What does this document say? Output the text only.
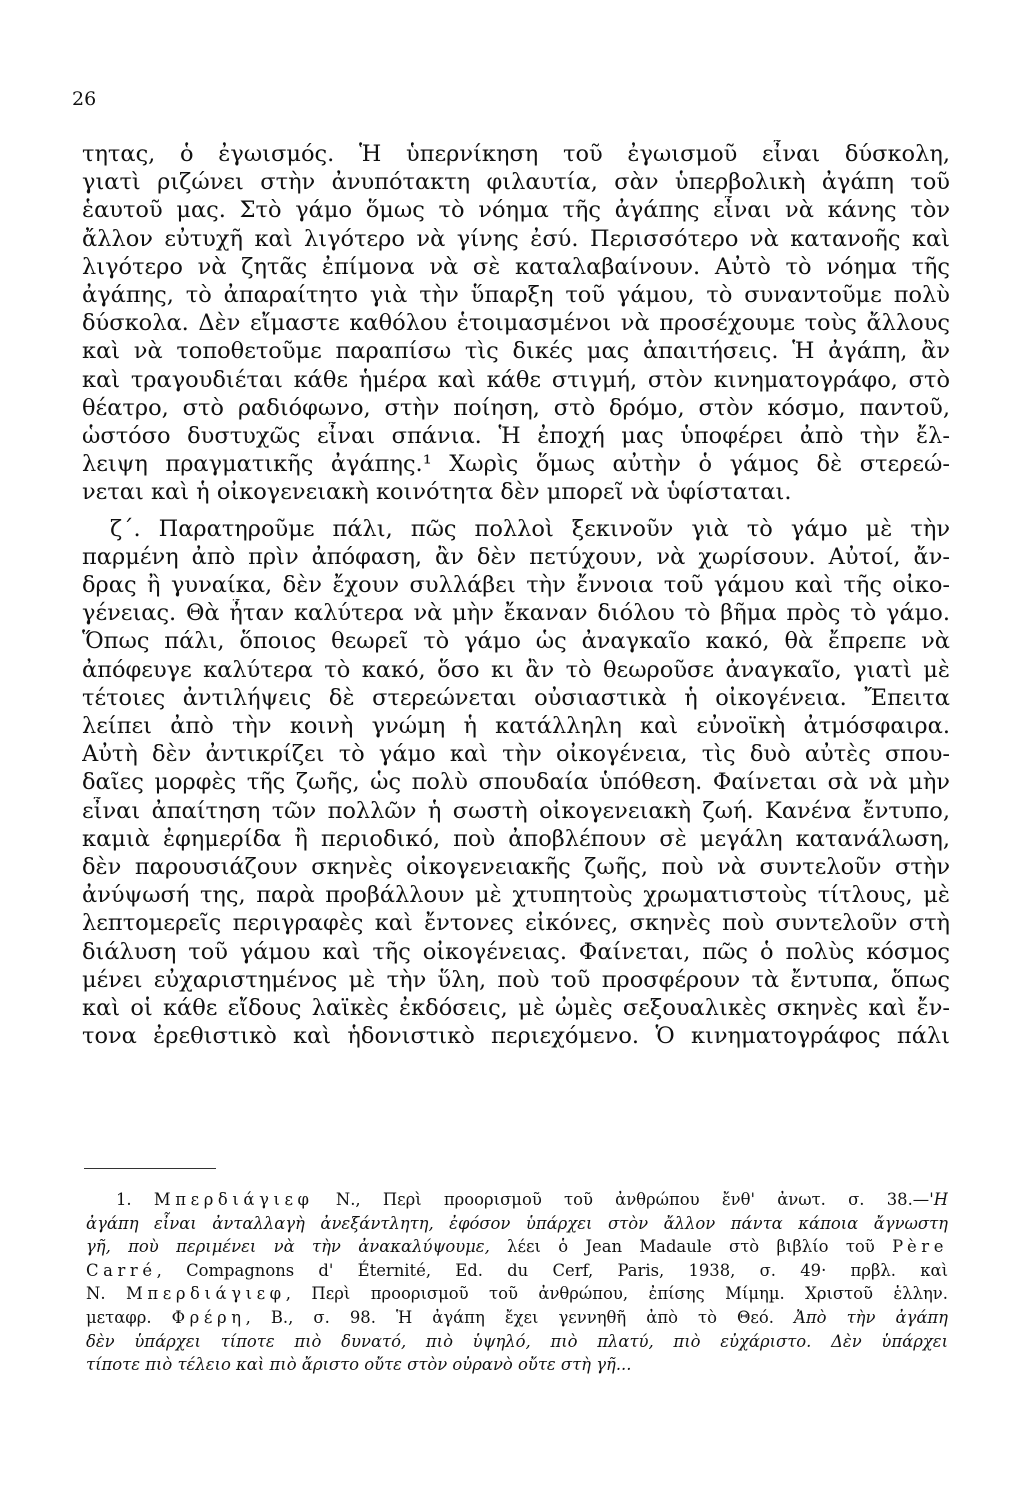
26
τητας, ὁ ἐγωισμός. Ἡ ὑπερνίκηση τοῦ ἐγωισμοῦ εἶναι δύσκολη,
γιατὶ ριζώνει στὴν ἀνυπότακτη φιλαυτία, σὰν ὑπερβολικὴ ἀγάπη τοῦ
ἑαυτοῦ μας. Στὸ γάμο ὅμως τὸ νόημα τῆς ἀγάπης εἶναι νὰ κάνης τὸν
ἄλλον εὐτυχῆ καὶ λιγότερο νὰ γίνης ἐσύ. Περισσότερο νὰ κατανοῆς καὶ
λιγότερο νὰ ζητᾶς ἐπίμονα νὰ σὲ καταλαβαίνουν. Αὐτὸ τὸ νόημα τῆς
ἀγάπης, τὸ ἀπαραίτητο γιὰ τὴν ὕπαρξη τοῦ γάμου, τὸ συναντοῦμε πολὺ
δύσκολα. Δὲν εἴμαστε καθόλου ἑτοιμασμένοι νὰ προσέχουμε τοὺς ἄλλους
καὶ νὰ τοποθετοῦμε παραπίσω τὶς δικές μας ἀπαιτήσεις. Ἡ ἀγάπη, ἂν
καὶ τραγουδιέται κάθε ἡμέρα καὶ κάθε στιγμή, στὸν κινηματογράφο, στὸ
θέατρο, στὸ ραδιόφωνο, στὴν ποίηση, στὸ δρόμο, στὸν κόσμο, παντοῦ,
ὡστόσο δυστυχῶς εἶναι σπάνια. Ἡ ἐποχή μας ὑποφέρει ἀπὸ τὴν ἔλ-
λειψη πραγματικῆς ἀγάπης.¹ Χωρὶς ὅμως αὐτὴν ὁ γάμος δὲ στερεώ-
νεται καὶ ἡ οἰκογενειακὴ κοινότητα δὲν μπορεῖ νὰ ὑφίσταται.
ζ΄. Παρατηροῦμε πάλι, πῶς πολλοὶ ξεκινοῦν γιὰ τὸ γάμο μὲ τὴν
παρμένη ἀπὸ πρὶν ἀπόφαση, ἂν δὲν πετύχουν, νὰ χωρίσουν. Αὐτοί, ἄν-
δρας ἢ γυναίκα, δὲν ἔχουν συλλάβει τὴν ἔννοια τοῦ γάμου καὶ τῆς οἰκο-
γένειας. Θὰ ἦταν καλύτερα νὰ μὴν ἔκαναν διόλου τὸ βῆμα πρὸς τὸ γάμο.
Ὅπως πάλι, ὅποιος θεωρεῖ τὸ γάμο ὡς ἀναγκαῖο κακό, θὰ ἔπρεπε νὰ
ἀπόφευγε καλύτερα τὸ κακό, ὅσο κι ἂν τὸ θεωροῦσε ἀναγκαῖο, γιατὶ μὲ
τέτοιες ἀντιλήψεις δὲ στερεώνεται οὐσιαστικὰ ἡ οἰκογένεια. Ἔπειτα
λείπει ἀπὸ τὴν κοινὴ γνώμη ἡ κατάλληλη καὶ εὐνοϊκὴ ἀτμόσφαιρα.
Αὐτὴ δὲν ἀντικρίζει τὸ γάμο καὶ τὴν οἰκογένεια, τὶς δυὸ αὐτὲς σπου-
δαῖες μορφὲς τῆς ζωῆς, ὡς πολὺ σπουδαία ὑπόθεση. Φαίνεται σὰ νὰ μὴν
εἶναι ἀπαίτηση τῶν πολλῶν ἡ σωστὴ οἰκογενειακὴ ζωή. Κανένα ἔντυπο,
καμιὰ ἐφημερίδα ἢ περιοδικό, ποὺ ἀποβλέπουν σὲ μεγάλη κατανάλωση,
δὲν παρουσιάζουν σκηνὲς οἰκογενειακῆς ζωῆς, ποὺ νὰ συντελοῦν στὴν
ἀνύψωσή της, παρὰ προβάλλουν μὲ χτυπητοὺς χρωματιστοὺς τίτλους, μὲ
λεπτομερεῖς περιγραφὲς καὶ ἔντονες εἰκόνες, σκηνὲς ποὺ συντελοῦν στὴ
διάλυση τοῦ γάμου καὶ τῆς οἰκογένειας. Φαίνεται, πῶς ὁ πολὺς κόσμος
μένει εὐχαριστημένος μὲ τὴν ὕλη, ποὺ τοῦ προσφέρουν τὰ ἔντυπα, ὅπως
καὶ οἱ κάθε εἴδους λαϊκὲς ἐκδόσεις, μὲ ὠμὲς σεξουαλικὲς σκηνὲς καὶ ἔν-
τονα ἐρεθιστικὸ καὶ ἡδονιστικὸ περιεχόμενο. Ὁ κινηματογράφος πάλι
1. Μπερδιάγιεφ Ν., Περὶ προορισμοῦ τοῦ ἀνθρώπου ἔνθ' ἀνωτ. σ. 38.—'Η
ἀγάπη εἶναι ἀνταλλαγὴ ἀνεξάντλητη, ἐφόσον ὑπάρχει στὸν ἄλλον πάντα κάποια ἄγνωστη
γῆ, ποὺ περιμένει νὰ τὴν ἀνακαλύψουμε, λέει ὁ Jean Madaule στὸ βιβλίο τοῦ Père
Carré, Compagnons d' Éternité, Ed. du Cerf, Paris, 1938, σ. 49· πρβλ. καὶ
Ν. Μπερδιάγιεφ, Περὶ προορισμοῦ τοῦ ἀνθρώπου, ἐπίσης Μίμηµ. Χριστοῦ ἑλλην.
μεταφρ. Φρέρη, Β., σ. 98. Ἡ ἀγάπη ἔχει γεννηθῆ ἀπὸ τὸ Θεό. Ἀπὸ τὴν ἀγάπη
δὲν ὑπάρχει τίποτε πιὸ δυνατό, πιὸ ὑψηλό, πιὸ πλατύ, πιὸ εὐχάριστο. Δὲν ὑπάρχει
τίποτε πιὸ τέλειο καὶ πιὸ ἄριστο οὔτε στὸν οὐρανὸ οὔτε στὴ γῆ...
